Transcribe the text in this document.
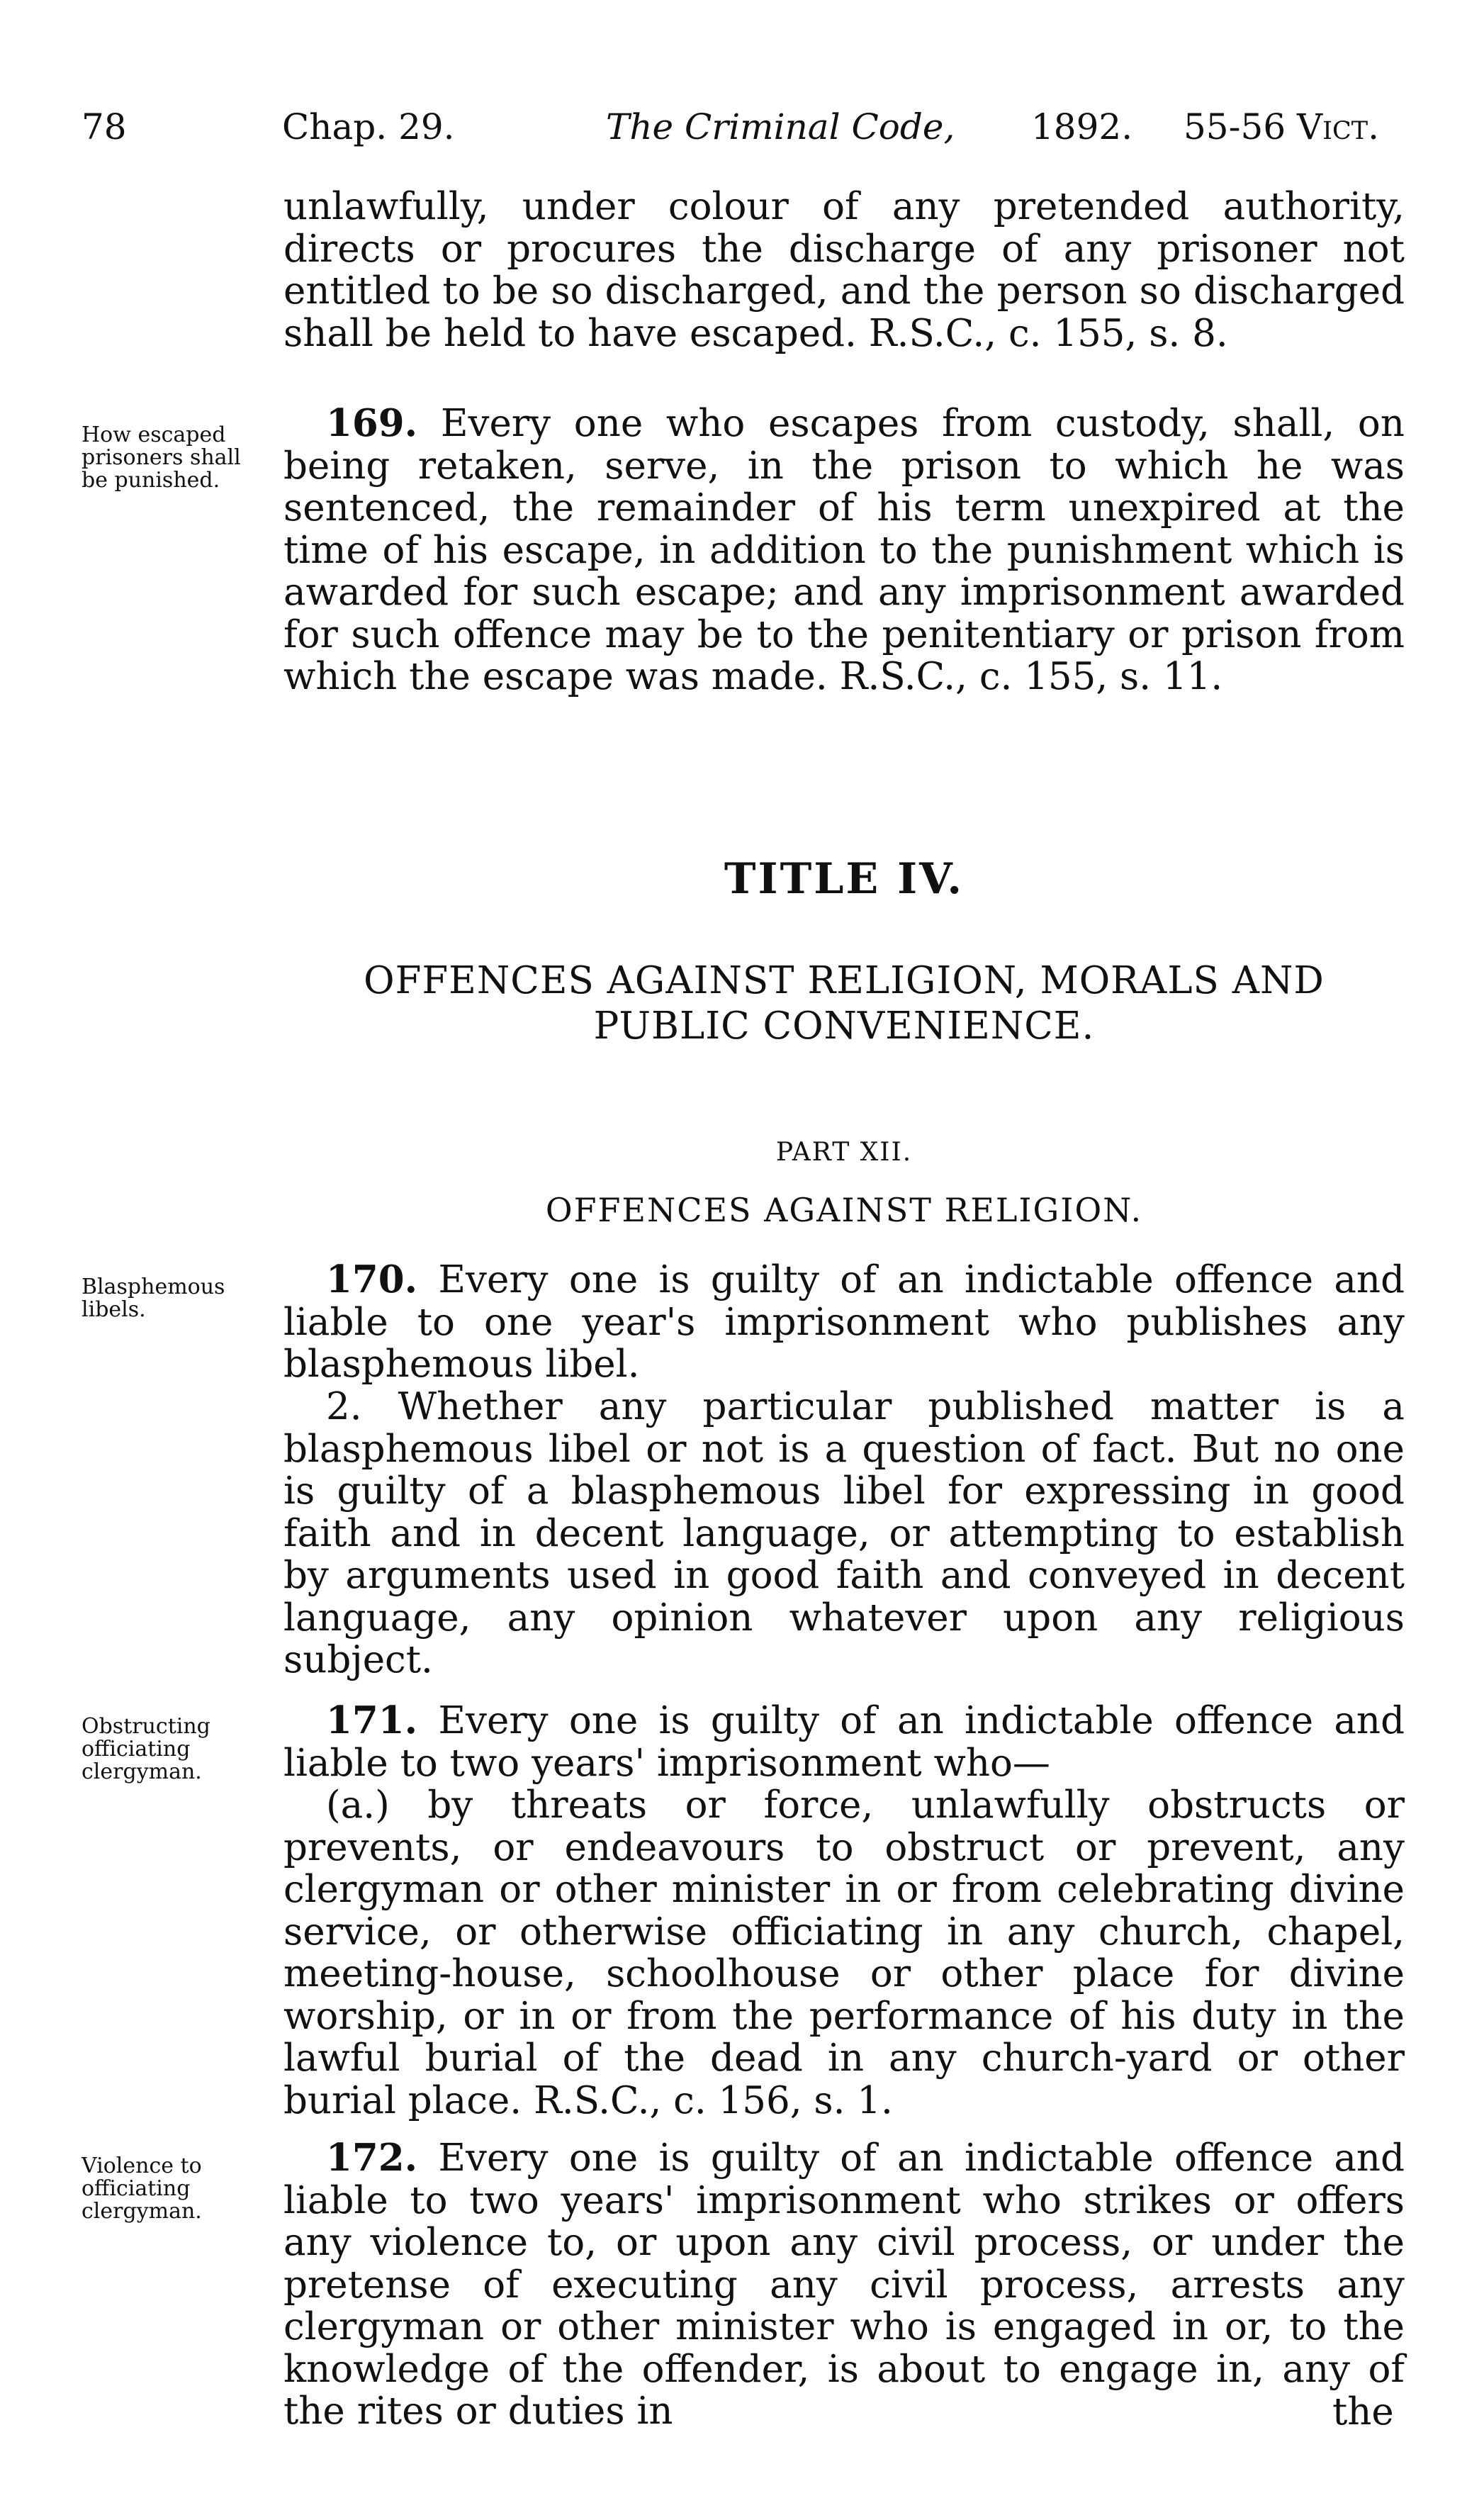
78	Chap. 29.	The Criminal Code, 1892. 55-56 Vict.

unlawfully, under colour of any pretended authority, directs or procures the discharge of any prisoner not entitled to be so discharged, and the person so discharged shall be held to have escaped. R.S.C., c. 155, s. 8.

How escaped prisoners shall be punished.

169. Every one who escapes from custody, shall, on being retaken, serve, in the prison to which he was sentenced, the remainder of his term unexpired at the time of his escape, in addition to the punishment which is awarded for such escape; and any imprisonment awarded for such offence may be to the penitentiary or prison from which the escape was made. R.S.C., c. 155, s. 11.

TITLE IV.
OFFENCES AGAINST RELIGION, MORALS AND PUBLIC CONVENIENCE.
PART XII.
OFFENCES AGAINST RELIGION.

Blasphemous libels.

170. Every one is guilty of an indictable offence and liable to one year's imprisonment who publishes any blasphemous libel.

2. Whether any particular published matter is a blasphemous libel or not is a question of fact. But no one is guilty of a blasphemous libel for expressing in good faith and in decent language, or attempting to establish by arguments used in good faith and conveyed in decent language, any opinion whatever upon any religious subject.

Obstructing officiating clergyman.

171. Every one is guilty of an indictable offence and liable to two years' imprisonment who—

(a.) by threats or force, unlawfully obstructs or prevents, or endeavours to obstruct or prevent, any clergyman or other minister in or from celebrating divine service, or otherwise officiating in any church, chapel, meeting-house, schoolhouse or other place for divine worship, or in or from the performance of his duty in the lawful burial of the dead in any church-yard or other burial place. R.S.C., c. 156, s. 1.

Violence to officiating clergyman.

172. Every one is guilty of an indictable offence and liable to two years' imprisonment who strikes or offers any violence to, or upon any civil process, or under the pretense of executing any civil process, arrests any clergyman or other minister who is engaged in or, to the knowledge of the offender, is about to engage in, any of the rites or duties in	the
